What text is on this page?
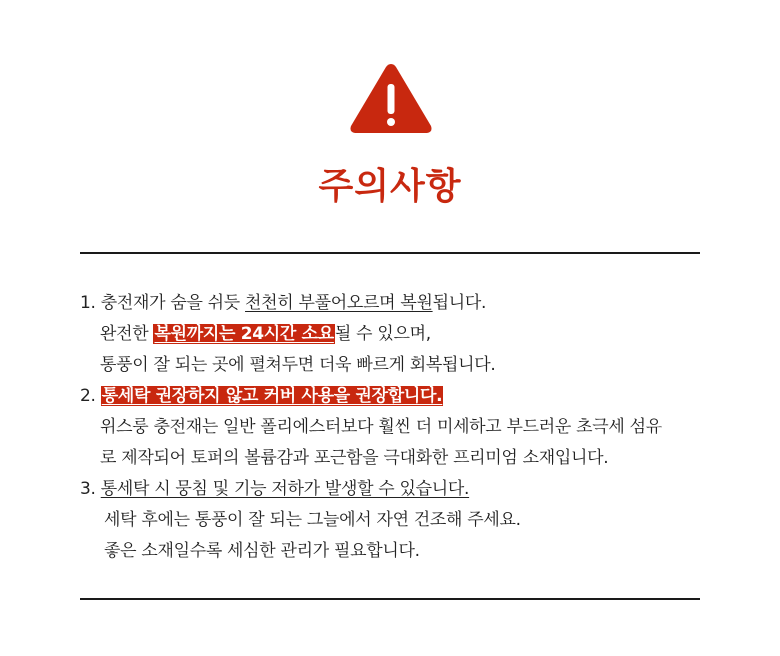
주의사항
1. 충전재가 숨을 쉬듯 천천히 부풀어오르며 복원됩니다.
완전한 복원까지는 24시간 소요될 수 있으며,
통풍이 잘 되는 곳에 펼쳐두면 더욱 빠르게 회복됩니다.
2. 통세탁 권장하지 않고 커버 사용을 권장합니다.
위스룽 충전재는 일반 폴리에스터보다 훨씬 더 미세하고 부드러운 초극세 섬유
로 제작되어 토퍼의 볼륨감과 포근함을 극대화한 프리미엄 소재입니다.
3. 통세탁 시 뭉침 및 기능 저하가 발생할 수 있습니다.
세탁 후에는 통풍이 잘 되는 그늘에서 자연 건조해 주세요.
좋은 소재일수록 세심한 관리가 필요합니다.
